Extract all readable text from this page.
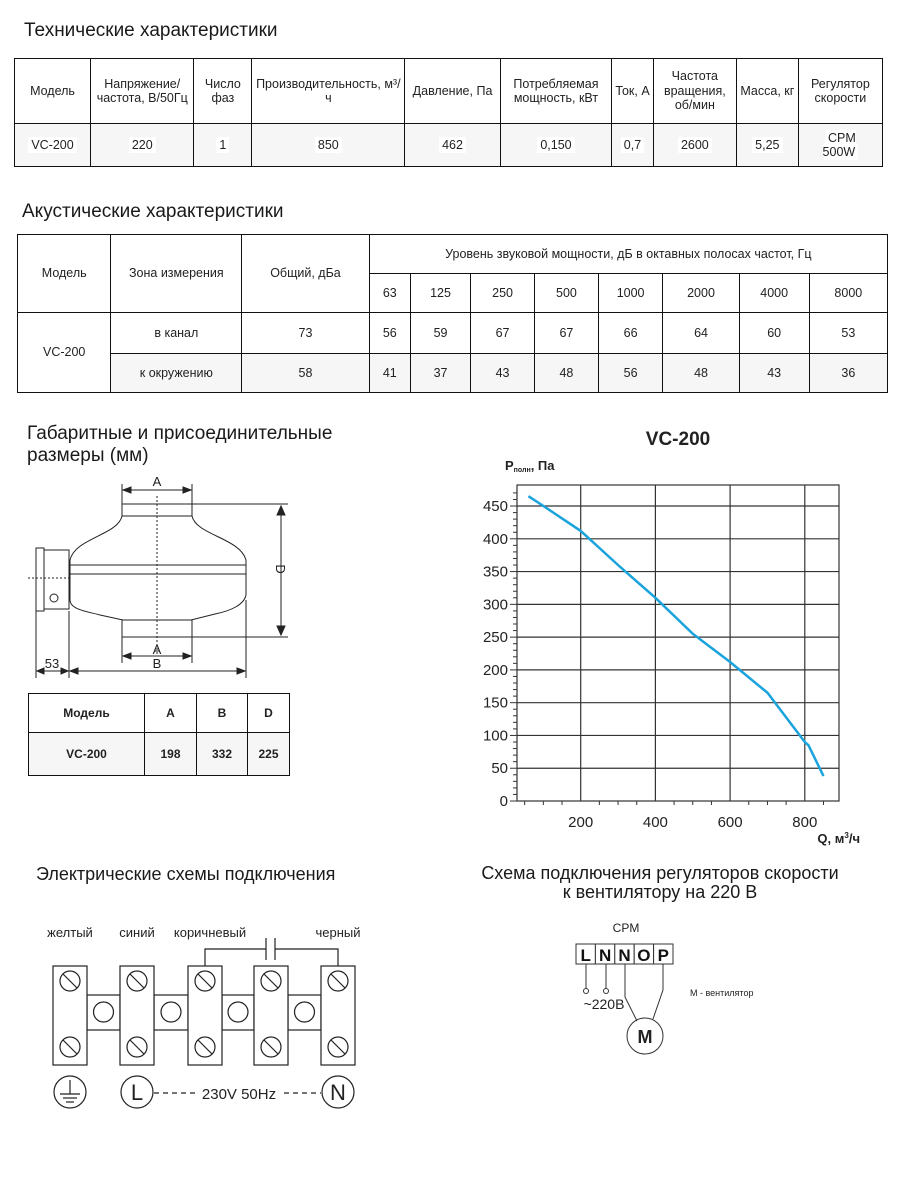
Технические характеристики
Модель	Напряжение/ частота, В/50Гц	Число фаз	Производительность, м³/ч	Давление, Па	Потребляемая мощность, кВт	Ток, А	Частота вращения, об/мин	Масса, кг	Регулятор скорости
VC-200	220	1	850	462	0,150	0,7	2600	5,25	CPM 500W
Акустические характеристики
Модель	Зона измерения	Общий, дБа	Уровень звуковой мощности, дБ в октавных полосах частот, Гц							
			63	125	250	500	1000	2000	4000	8000
VC-200	в канал	73	56	59	67	67	66	64	60	53
	к окружению	58	41	37	43	48	56	48	43	36
Габаритные и присоединительные
размеры (мм)
A
A
B
53
D
Модель	A	B	D
VC-200	198	332	225
VC-200
Pполн, Па
0
50
100
150
200
250
300
350
400
450
200	400	600	800
Q, $м^3/ч$
Электрические схемы подключения
желтый синий коричневый	черный
L	N
230V 50Hz
Схема подключения регуляторов скорости
к вентилятору на 220 В
CPM
L N N O P
~220В
M
M - вентилятор
